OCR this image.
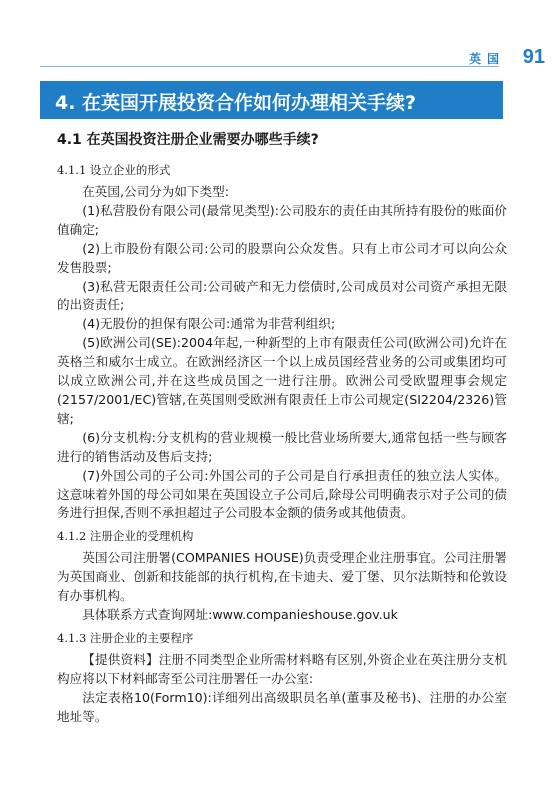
英国 91
4. 在英国开展投资合作如何办理相关手续?
4.1 在英国投资注册企业需要办哪些手续?
4.1.1 设立企业的形式

在英国,公司分为如下类型:

(1)私营股份有限公司(最常见类型):公司股东的责任由其所持有股份的账面价值确定;

(2)上市股份有限公司:公司的股票向公众发售。只有上市公司才可以向公众发售股票;

(3)私营无限责任公司:公司破产和无力偿债时,公司成员对公司资产承担无限的出资责任;

(4)无股份的担保有限公司:通常为非营利组织;

(5)欧洲公司(SE):2004年起,一种新型的上市有限责任公司(欧洲公司)允许在英格兰和威尔士成立。在欧洲经济区一个以上成员国经营业务的公司或集团均可以成立欧洲公司,并在这些成员国之一进行注册。欧洲公司受欧盟理事会规定(2157/2001/EC)管辖,在英国则受欧洲有限责任上市公司规定(SI2204/2326)管辖;

(6)分支机构:分支机构的营业规模一般比营业场所要大,通常包括一些与顾客进行的销售活动及售后支持;

(7)外国公司的子公司:外国公司的子公司是自行承担责任的独立法人实体。这意味着外国的母公司如果在英国设立子公司后,除母公司明确表示对子公司的债务进行担保,否则不承担超过子公司股本金额的债务或其他债责。

4.1.2 注册企业的受理机构

英国公司注册署(COMPANIES HOUSE)负责受理企业注册事宜。公司注册署为英国商业、创新和技能部的执行机构,在卡迪夫、爱丁堡、贝尔法斯特和伦敦设有办事机构。

具体联系方式查询网址:www.companieshouse.gov.uk

4.1.3 注册企业的主要程序

【提供资料】注册不同类型企业所需材料略有区别,外资企业在英注册分支机构应将以下材料邮寄至公司注册署任一办公室:

法定表格10(Form10):详细列出高级职员名单(董事及秘书)、注册的办公室地址等。
